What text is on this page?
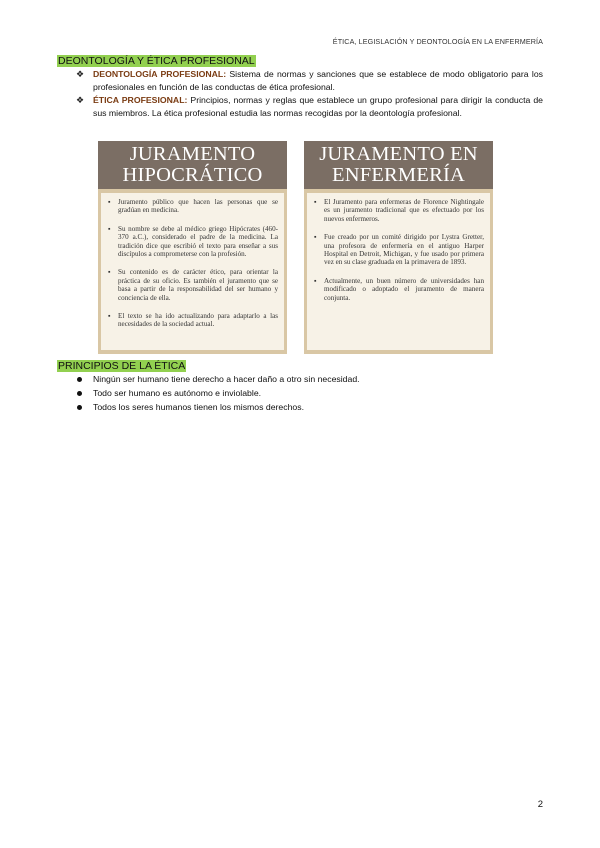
ÉTICA, LEGISLACIÓN Y DEONTOLOGÍA EN LA ENFERMERÍA
DEONTOLOGÍA Y ÉTICA PROFESIONAL
❖ DEONTOLOGÍA PROFESIONAL: Sistema de normas y sanciones que se establece de modo obligatorio para los profesionales en función de las conductas de ética profesional.
❖ ÉTICA PROFESIONAL: Principios, normas y reglas que establece un grupo profesional para dirigir la conducta de sus miembros. La ética profesional estudia las normas recogidas por la deontología profesional.
JURAMENTO
HIPOCRÁTICO
▪ Juramento público que hacen las personas que se gradúan en medicina.
▪ Su nombre se debe al médico griego Hipócrates (460-370 a.C.), considerado el padre de la medicina. La tradición dice que escribió el texto para enseñar a sus discípulos a comprometerse con la profesión.
▪ Su contenido es de carácter ético, para orientar la práctica de su oficio. Es también el juramento que se basa a partir de la responsabilidad del ser humano y conciencia de ella.
▪ El texto se ha ido actualizando para adaptarlo a las necesidades de la sociedad actual.
JURAMENTO EN
ENFERMERÍA
▪ El Juramento para enfermeras de Florence Nightingale es un juramento tradicional que es efectuado por los nuevos enfermeros.
▪ Fue creado por un comité dirigido por Lystra Gretter, una profesora de enfermería en el antiguo Harper Hospital en Detroit, Michigan, y fue usado por primera vez en su clase graduada en la primavera de 1893.
▪ Actualmente, un buen número de universidades han modificado o adoptado el juramento de manera conjunta.
PRINCIPIOS DE LA ÉTICA
Ningún ser humano tiene derecho a hacer daño a otro sin necesidad.
Todo ser humano es autónomo e inviolable.
Todos los seres humanos tienen los mismos derechos.
2
